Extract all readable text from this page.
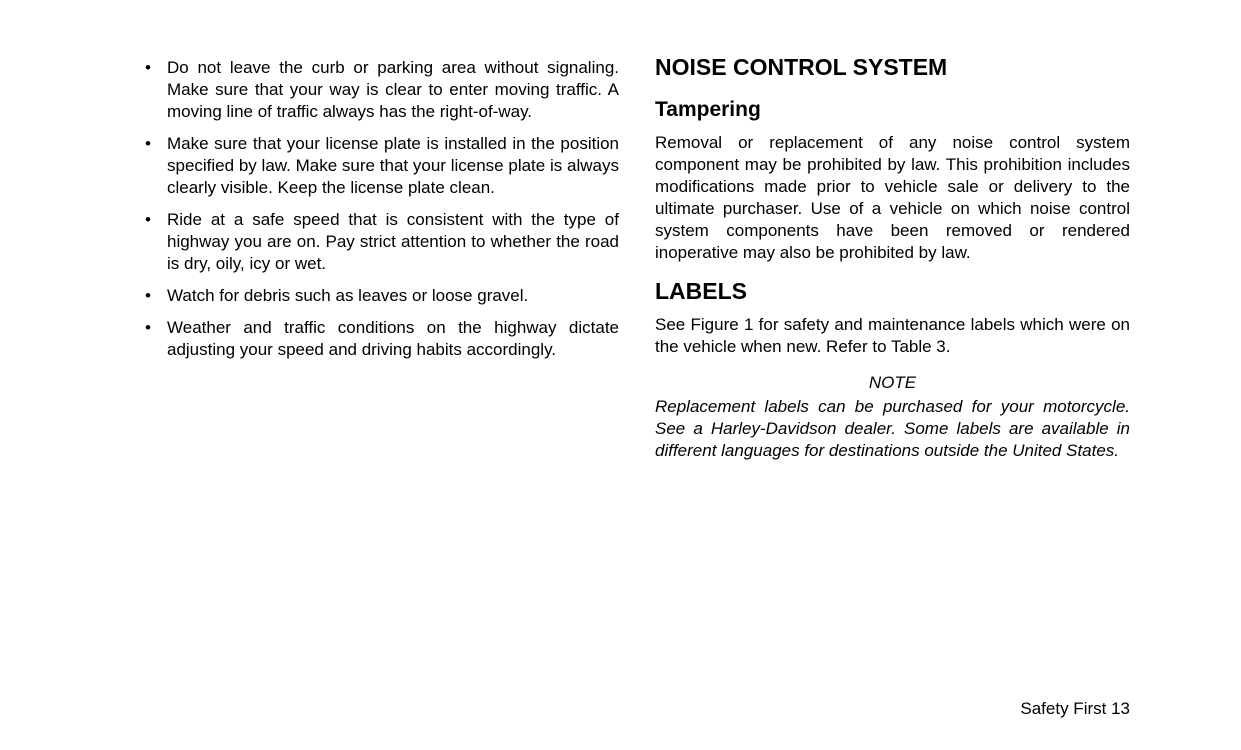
• Do not leave the curb or parking area without signaling. Make sure that your way is clear to enter moving traffic. A moving line of traffic always has the right-of-way.
• Make sure that your license plate is installed in the position specified by law. Make sure that your license plate is always clearly visible. Keep the license plate clean.
• Ride at a safe speed that is consistent with the type of highway you are on. Pay strict attention to whether the road is dry, oily, icy or wet.
• Watch for debris such as leaves or loose gravel.
• Weather and traffic conditions on the highway dictate adjusting your speed and driving habits accordingly.
NOISE CONTROL SYSTEM
Tampering

Removal or replacement of any noise control system component may be prohibited by law. This prohibition includes modifications made prior to vehicle sale or delivery to the ultimate purchaser. Use of a vehicle on which noise control system components have been removed or rendered inoperative may also be prohibited by law.

LABELS

See Figure 1 for safety and maintenance labels which were on the vehicle when new. Refer to Table 3.

NOTE

Replacement labels can be purchased for your motorcycle. See a Harley-Davidson dealer. Some labels are available in different languages for destinations outside the United States.

Safety First 13
